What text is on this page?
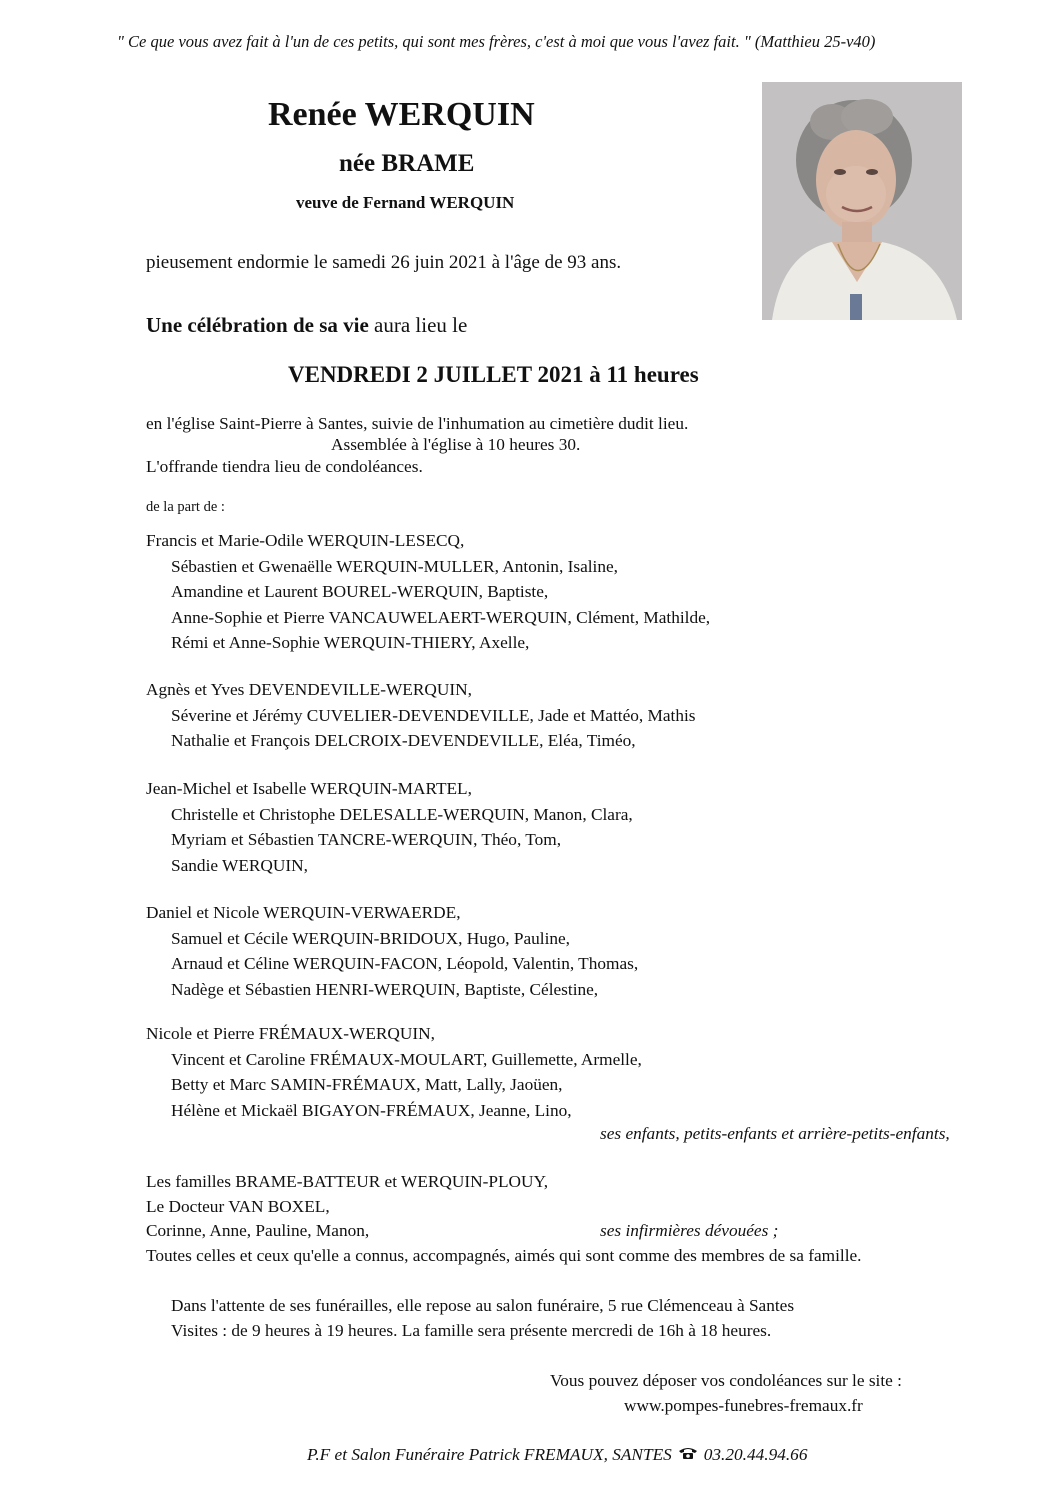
" Ce que vous avez fait à l'un de ces petits, qui sont mes frères, c'est à moi que vous l'avez fait. " (Matthieu 25-v40)
Renée WERQUIN
née BRAME
veuve de Fernand WERQUIN
pieusement endormie le samedi 26 juin 2021 à l'âge de 93 ans.
Une célébration de sa vie aura lieu le
VENDREDI 2 JUILLET 2021 à 11 heures
en l'église Saint-Pierre à Santes, suivie de l'inhumation au cimetière dudit lieu.
Assemblée à l'église à 10 heures 30.
L'offrande tiendra lieu de condoléances.
de la part de :
Francis et Marie-Odile WERQUIN-LESECQ,
Sébastien et Gwenaëlle WERQUIN-MULLER, Antonin, Isaline,
Amandine et Laurent BOUREL-WERQUIN, Baptiste,
Anne-Sophie et Pierre VANCAUWELAERT-WERQUIN, Clément, Mathilde,
Rémi et Anne-Sophie WERQUIN-THIERY, Axelle,
Agnès et Yves DEVENDEVILLE-WERQUIN,
Séverine et Jérémy CUVELIER-DEVENDEVILLE, Jade et Mattéo, Mathis
Nathalie et François DELCROIX-DEVENDEVILLE, Eléa, Timéo,
Jean-Michel et Isabelle WERQUIN-MARTEL,
Christelle et Christophe DELESALLE-WERQUIN, Manon, Clara,
Myriam et Sébastien TANCRE-WERQUIN, Théo, Tom,
Sandie WERQUIN,
Daniel et Nicole WERQUIN-VERWAERDE,
Samuel et Cécile WERQUIN-BRIDOUX, Hugo, Pauline,
Arnaud et Céline WERQUIN-FACON, Léopold, Valentin, Thomas,
Nadège et Sébastien HENRI-WERQUIN, Baptiste, Célestine,
Nicole et Pierre FRÉMAUX-WERQUIN,
Vincent et Caroline FRÉMAUX-MOULART, Guillemette, Armelle,
Betty et Marc SAMIN-FRÉMAUX, Matt, Lally, Jaoüen,
Hélène et Mickaël BIGAYON-FRÉMAUX, Jeanne, Lino,
ses enfants, petits-enfants et arrière-petits-enfants,
Les familles BRAME-BATTEUR et WERQUIN-PLOUY,
Le Docteur VAN BOXEL,
Corinne, Anne, Pauline, Manon,	ses infirmières dévouées ;
Toutes celles et ceux qu'elle a connus, accompagnés, aimés qui sont comme des membres de sa famille.
Dans l'attente de ses funérailles, elle repose au salon funéraire, 5 rue Clémenceau à Santes
Visites : de 9 heures à 19 heures. La famille sera présente mercredi de 16h à 18 heures.
Vous pouvez déposer vos condoléances sur le site :
www.pompes-funebres-fremaux.fr
P.F et Salon Funéraire Patrick FREMAUX, SANTES 03.20.44.94.66
